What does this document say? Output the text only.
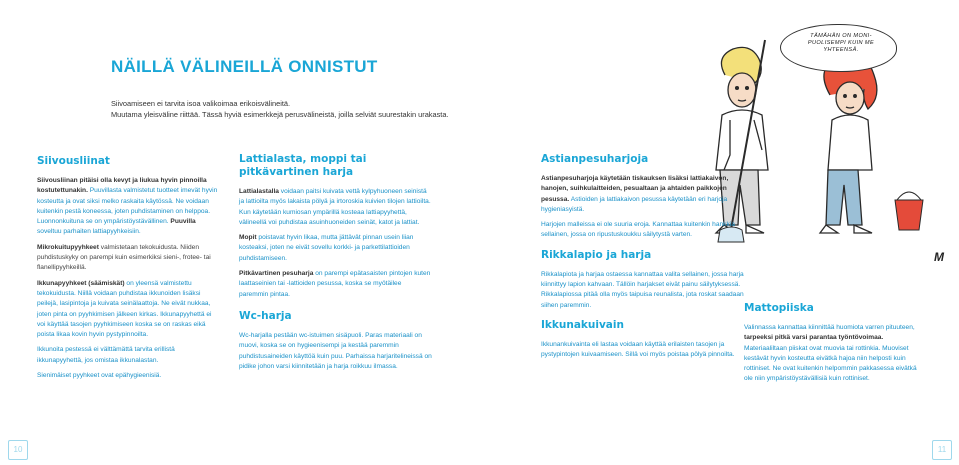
NÄILLÄ VÄLINEILLÄ ONNISTUT
Siivoamiseen ei tarvita isoa valikoimaa erikoisvälineitä.
Muutama yleisväline riittää. Tässä hyviä esimerkkejä perusvälineistä, joilla selviät suurestakin urakasta.
TÄMÄHÄN ON MONI-PUOLISEMPI KUIN ME YHTEENSÄ.
M
Siivousliinat

Siivousliinan pitäisi olla kevyt ja liukua hyvin pinnoilla kostutettunakin. Puuvillasta valmistetut tuotteet imevät hyvin kosteutta ja ovat siksi melko raskaita käytössä. Ne voidaan kuitenkin pestä koneessa, joten puhdistaminen on helppoa. Luonnonkuituna se on ympäristöystävällinen. Puuvilla soveltuu parhaiten lattiapyyhkeisiin.

Mikrokuitupyyhkeet valmistetaan tekokuidusta. Niiden puhdistuskyky on parempi kuin esimerkiksi sieni-, frotee- tai flanellipyyhkeillä.

Ikkunapyyhkeet (säämiskät) on yleensä valmistettu tekokuidusta. Niillä voidaan puhdistaa ikkunoiden lisäksi peilejä, lasipintoja ja kuivata seinälaattoja. Ne eivät nukkaa, joten pinta on pyyhkimisen jälkeen kirkas. Ikkunapyyhettä ei voi käyttää tasojen pyyhkimiseen koska se on raskas eikä poista likaa kovin hyvin pystypinnoilta.

Ikkunoita pestessä ei välttämättä tarvita erillistä ikkunapyyhettä, jos omistaa ikkunalastan.

Sienimäiset pyyhkeet ovat epähygieenisiä.

Lattialasta, moppi tai pitkävartinen harja

Lattialastalla voidaan paitsi kuivata vettä kylpyhuoneen seinistä ja lattioilta myös lakaista pölyä ja irtoroskia kuivien tilojen lattioilta. Kun käytetään kumiosan ympärillä kosteaa lattiapyyhettä, välineellä voi puhdistaa asuinhuoneiden seinät, katot ja lattiat.

Mopit poistavat hyvin likaa, mutta jättävät pinnan usein liian kosteaksi, joten ne eivät sovellu korkki- ja parkettilattioiden puhdistamiseen.

Pitkävartinen pesuharja on parempi epätasaisten pintojen kuten laattaseinien tai -lattioiden pesussa, koska se myötäilee paremmin pintaa.

Wc-harja

Wc-harjalla pestään wc-istuimen sisäpuoli. Paras materiaali on muovi, koska se on hygieenisempi ja kestää paremmin puhdistusaineiden käyttöä kuin puu. Parhaissa harjaritelineissä on pidike johon varsi kiinnitetään ja harja roikkuu ilmassa.

Astianpesuharjoja

Astianpesuharjoja käytetään tiskauksen lisäksi lattiakaivon, hanojen, suihkulaitteiden, pesualtaan ja ahtaiden paikkojen pesussa. Astioiden ja lattiakaivon pesussa käytetään eri harjoja hygieniasyistä.

Harjojen malleissa ei ole suuria eroja. Kannattaa kuitenkin hankkia sellainen, jossa on ripustuskoukku säilytystä varten.

Rikkalapio ja harja

Rikkalapiota ja harjaa ostaessa kannattaa valita sellainen, jossa harja kiinnittyy lapion kahvaan. Tällöin harjakset eivät painu säilytyksessä. Rikkalapiossa pitää olla myös taipuisa reunalista, jota roskat saadaan siihen paremmin.

Ikkunakuivain

Ikkunankuivainta eli lastaa voidaan käyttää erilaisten tasojen ja pystypintojen kuivaamiseen. Sillä voi myös poistaa pölyä pinnoilta.

Mattopiiska

Valinnassa kannattaa kiinnittää huomiota varren pituuteen, tarpeeksi pitkä varsi parantaa työntövoimaa. Materiaaliltaan piiskat ovat muovia tai rottinkia. Muoviset kestävät hyvin kosteutta eivätkä hajoa niin helposti kuin rottiniset. Ne ovat kuitenkin helpommin pakkasessa eivätkä ole niin ympäristöystävällisiä kuin rottiniset.

10	11
